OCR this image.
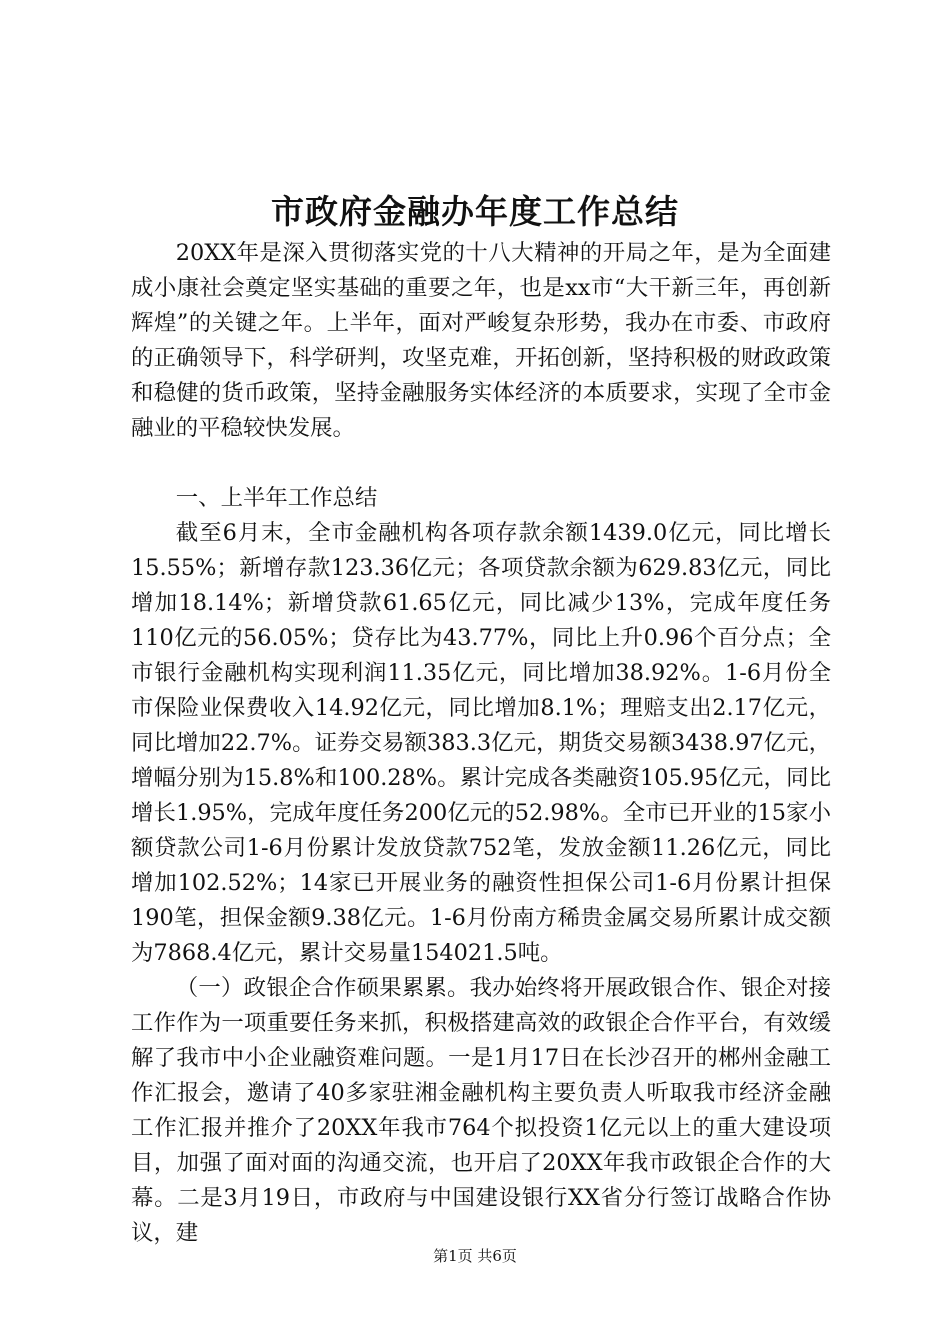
市政府金融办年度工作总结

20XX年是深入贯彻落实党的十八大精神的开局之年，是为全面建成小康社会奠定坚实基础的重要之年，也是xx市“大干新三年，再创新辉煌”的关键之年。上半年，面对严峻复杂形势，我办在市委、市政府的正确领导下，科学研判，攻坚克难，开拓创新，坚持积极的财政政策和稳健的货币政策，坚持金融服务实体经济的本质要求，实现了全市金融业的平稳较快发展。

一、上半年工作总结

截至6月末，全市金融机构各项存款余额1439.0亿元，同比增长15.55%；新增存款123.36亿元；各项贷款余额为629.83亿元，同比增加18.14%；新增贷款61.65亿元，同比减少13%，完成年度任务110亿元的56.05%；贷存比为43.77%，同比上升0.96个百分点；全市银行金融机构实现利润11.35亿元，同比增加38.92%。1-6月份全市保险业保费收入14.92亿元，同比增加8.1%；理赔支出2.17亿元，同比增加22.7%。证券交易额383.3亿元，期货交易额3438.97亿元，增幅分别为15.8%和100.28%。累计完成各类融资105.95亿元，同比增长1.95%，完成年度任务200亿元的52.98%。全市已开业的15家小额贷款公司1-6月份累计发放贷款752笔，发放金额11.26亿元，同比增加102.52%；14家已开展业务的融资性担保公司1-6月份累计担保190笔，担保金额9.38亿元。1-6月份南方稀贵金属交易所累计成交额为7868.4亿元，累计交易量154021.5吨。

（一）政银企合作硕果累累。我办始终将开展政银合作、银企对接工作作为一项重要任务来抓，积极搭建高效的政银企合作平台，有效缓解了我市中小企业融资难问题。一是1月17日在长沙召开的郴州金融工作汇报会，邀请了40多家驻湘金融机构主要负责人听取我市经济金融工作汇报并推介了20XX年我市764个拟投资1亿元以上的重大建设项目，加强了面对面的沟通交流，也开启了20XX年我市政银企合作的大幕。二是3月19日，市政府与中国建设银行XX省分行签订战略合作协议，建

第1页 共6页
